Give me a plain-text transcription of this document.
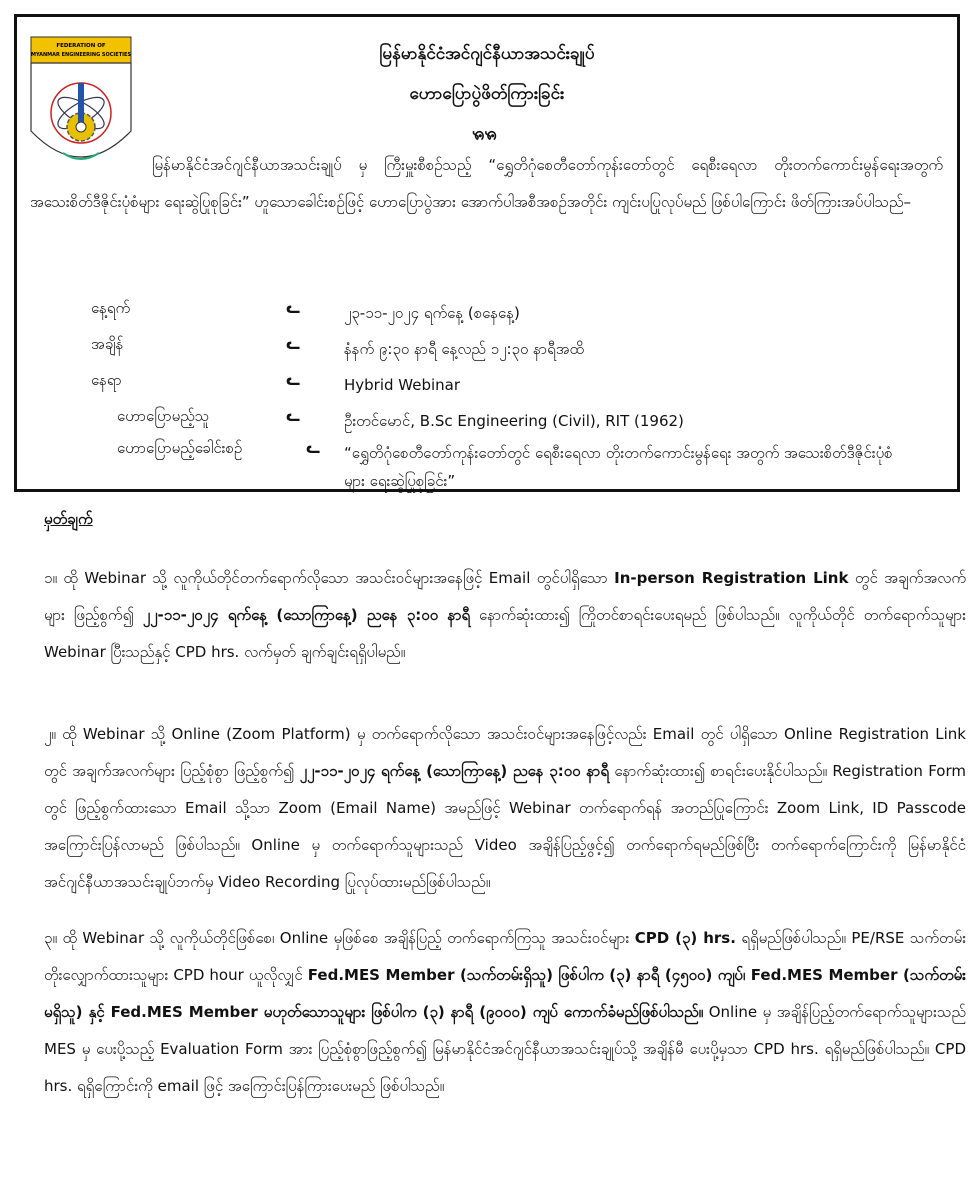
FEDERATION OF
MYANMAR ENGINEERING SOCIETIES	မြန်မာနိုင်ငံအင်ဂျင်နီယာအသင်းချုပ်
ဟောပြောပွဲဖိတ်ကြားခြင်း
ꧯꧯ

မြန်မာနိုင်ငံအင်ဂျင်နီယာအသင်းချုပ် မှ ကြီးမှူးစီစဉ်သည့် “ရွှေတိဂုံစေတီတော်ကုန်းတော်တွင် ရေစီးရေလာ တိုးတက်ကောင်းမွန်ရေးအတွက် အသေးစိတ်ဒီဇိုင်းပုံစံများ ရေးဆွဲပြုစုခြင်း” ဟူသောခေါင်းစဉ်ဖြင့် ဟောပြောပွဲအား အောက်ပါအစီအစဉ်အတိုင်း ကျင်းပပြုလုပ်မည် ဖြစ်ပါကြောင်း ဖိတ်ကြားအပ်ပါသည်–

နေ့ရက်	ᓚ	၂၃-၁၁-၂၀၂၄ ရက်နေ့ (စနေနေ့)
အချိန်	ᓚ	နံနက် ၉:၃၀ နာရီ နေ့လည် ၁၂:၃၀ နာရီအထိ
နေရာ	ᓚ	Hybrid Webinar
ဟောပြောမည့်သူ	ᓚ	ဦးတင်မောင်, B.Sc Engineering (Civil), RIT (1962)
ဟောပြောမည့်ခေါင်းစဉ်	ᓚ “ရွှေတိဂုံစေတီတော်ကုန်းတော်တွင် ရေစီးရေလာ တိုးတက်ကောင်းမွန်ရေး အတွက် အသေးစိတ်ဒီဇိုင်းပုံစံများ ရေးဆွဲပြုစုခြင်း”

မှတ်ချက်

၁။ ထို Webinar သို့ လူကိုယ်တိုင်တက်ရောက်လိုသော အသင်းဝင်များအနေဖြင့် Email တွင်ပါရှိသော In-person Registration Link တွင် အချက်အလက်များ ဖြည့်စွက်၍ ၂၂-၁၁-၂၀၂၄ ရက်နေ့ (သောကြာနေ့) ညနေ ၃:၀၀ နာရီ နောက်ဆုံးထား၍ ကြိုတင်စာရင်းပေးရမည် ဖြစ်ပါသည်။ လူကိုယ်တိုင် တက်ရောက်သူများ Webinar ပြီးသည်နှင့် CPD hrs. လက်မှတ် ချက်ချင်းရရှိပါမည်။

၂။ ထို Webinar သို့ Online (Zoom Platform) မှ တက်ရောက်လိုသော အသင်းဝင်များအနေဖြင့်လည်း Email တွင် ပါရှိသော Online Registration Link တွင် အချက်အလက်များ ပြည့်စုံစွာ ဖြည့်စွက်၍ ၂၂-၁၁-၂၀၂၄ ရက်နေ့ (သောကြာနေ့) ညနေ ၃:၀၀ နာရီ နောက်ဆုံးထား၍ စာရင်းပေးနိုင်ပါသည်။ Registration Form တွင် ဖြည့်စွက်ထားသော Email သို့သာ Zoom (Email Name) အမည်ဖြင့် Webinar တက်ရောက်ရန် အတည်ပြုကြောင်း Zoom Link, ID Passcode အကြောင်းပြန်လာမည် ဖြစ်ပါသည်။ Online မှ တက်ရောက်သူများသည် Video အချိန်ပြည့်ဖွင့်၍ တက်ရောက်ရမည်ဖြစ်ပြီး တက်ရောက်ကြောင်းကို မြန်မာနိုင်ငံအင်ဂျင်နီယာအသင်းချုပ်ဘက်မှ Video Recording ပြုလုပ်ထားမည်ဖြစ်ပါသည်။

၃။ ထို Webinar သို့ လူကိုယ်တိုင်ဖြစ်စေ၊ Online မှဖြစ်စေ အချိန်ပြည့် တက်ရောက်ကြသူ အသင်းဝင်များ CPD (၃) hrs. ရရှိမည်ဖြစ်ပါသည်။ PE/RSE သက်တမ်းတိုးလျှောက်ထားသူများ CPD hour ယူလိုလျှင် Fed.MES Member (သက်တမ်းရှိသူ) ဖြစ်ပါက (၃) နာရီ (၄၅၀၀) ကျပ်၊ Fed.MES Member (သက်တမ်းမရှိသူ) နှင့် Fed.MES Member မဟုတ်သောသူများ ဖြစ်ပါက (၃) နာရီ (၉၀၀၀) ကျပ် ကောက်ခံမည်ဖြစ်ပါသည်။ Online မှ အချိန်ပြည့်တက်ရောက်သူများသည် MES မှ ပေးပို့သည့် Evaluation Form အား ပြည့်စုံစွာဖြည့်စွက်၍ မြန်မာနိုင်ငံအင်ဂျင်နီယာအသင်းချုပ်သို့ အချိန်မီ ပေးပို့မှသာ CPD hrs. ရရှိမည်ဖြစ်ပါသည်။ CPD hrs. ရရှိကြောင်းကို email ဖြင့် အကြောင်းပြန်ကြားပေးမည် ဖြစ်ပါသည်။
